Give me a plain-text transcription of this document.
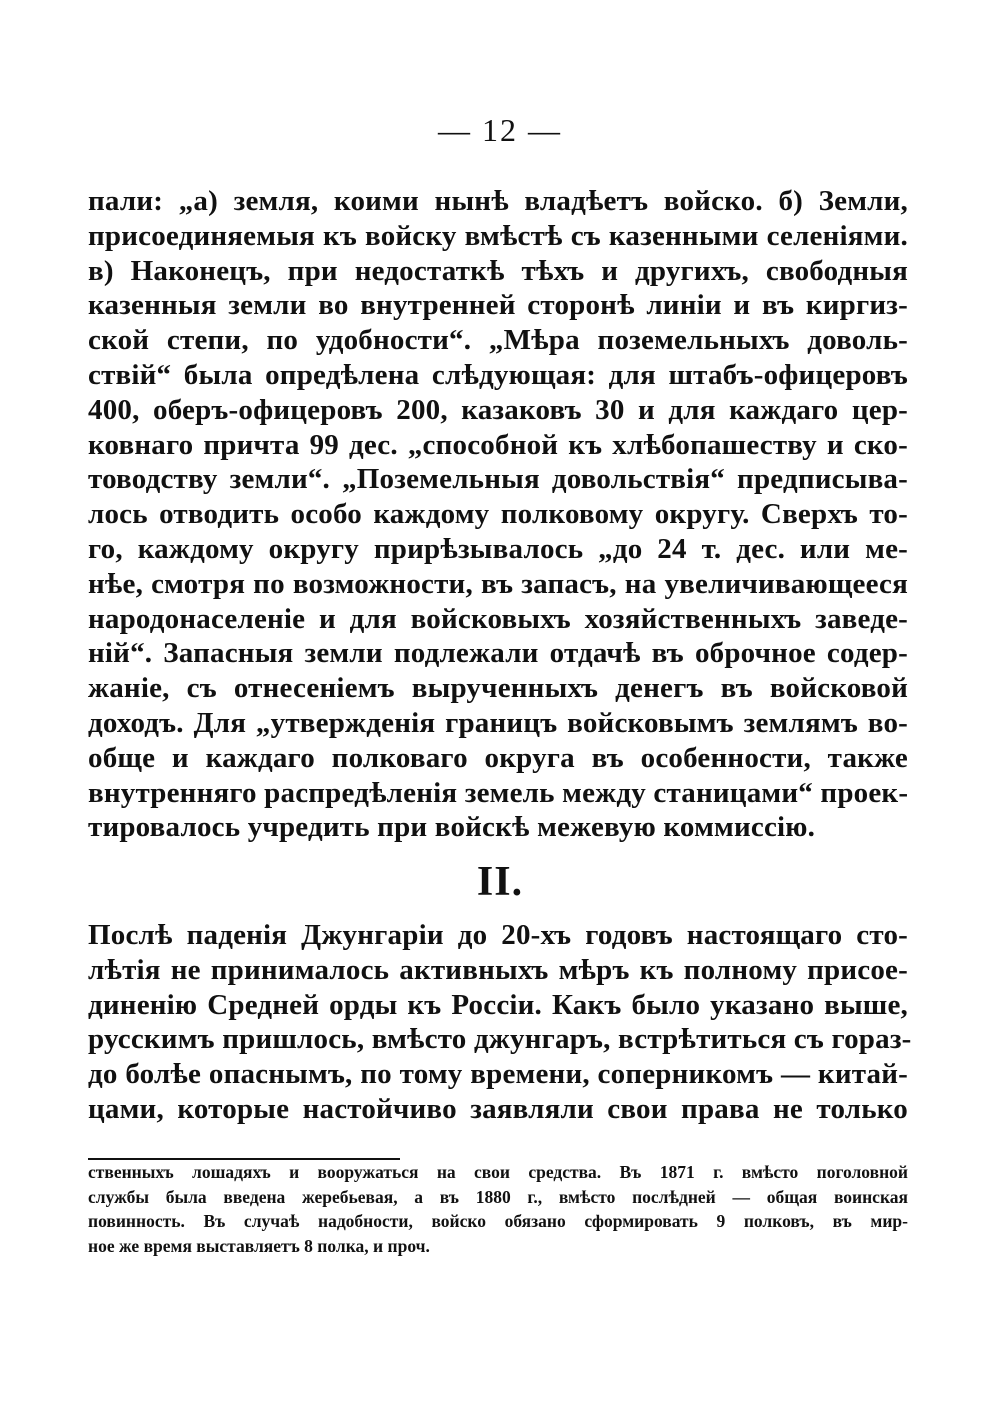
— 12 —
пали: „а) земля, коими нынѣ владѣетъ войско. б) Земли,
присоединяемыя къ войску вмѣстѣ съ казенными селеніями.
в) Наконецъ, при недостаткѣ тѣхъ и другихъ, свободныя
казенныя земли во внутренней сторонѣ линіи и въ киргиз-
ской степи, по удобности“. „Мѣра поземельныхъ доволь-
ствій“ была опредѣлена слѣдующая: для штабъ-офицеровъ
400, оберъ-офицеровъ 200, казаковъ 30 и для каждаго цер-
ковнаго причта 99 дес. „способной къ хлѣбопашеству и ско-
товодству земли“. „Поземельныя довольствія“ предписыва-
лось отводить особо каждому полковому округу. Сверхъ то-
го, каждому округу прирѣзывалось „до 24 т. дес. или ме-
нѣе, смотря по возможности, въ запасъ, на увеличивающееся
народонаселеніе и для войсковыхъ хозяйственныхъ заведе-
ній“. Запасныя земли подлежали отдачѣ въ оброчное содер-
жаніе, съ отнесеніемъ вырученныхъ денегъ въ войсковой
доходъ. Для „утвержденія границъ войсковымъ землямъ во-
обще и каждаго полковаго округа въ особенности, также
внутренняго распредѣленія земель между станицами“ проек-
тировалось учредить при войскѣ межевую коммиссію.
II.
Послѣ паденія Джунгаріи до 20-хъ годовъ настоящаго сто-
лѣтія не принималось активныхъ мѣръ къ полному присое-
диненію Средней орды къ Россіи. Какъ было указано выше,
русскимъ пришлось, вмѣсто джунгаръ, встрѣтиться съ гораз-
до болѣе опаснымъ, по тому времени, соперникомъ — китай-
цами, которые настойчиво заявляли свои права не только
ственныхъ лошадяхъ и вооружаться на свои средства. Въ 1871 г. вмѣсто поголовной
службы была введена жеребьевая, а въ 1880 г., вмѣсто послѣдней — общая воинская
повинность. Въ случаѣ надобности, войско обязано сформировать 9 полковъ, въ мир-
ное же время выставляетъ 8 полка, и проч.
